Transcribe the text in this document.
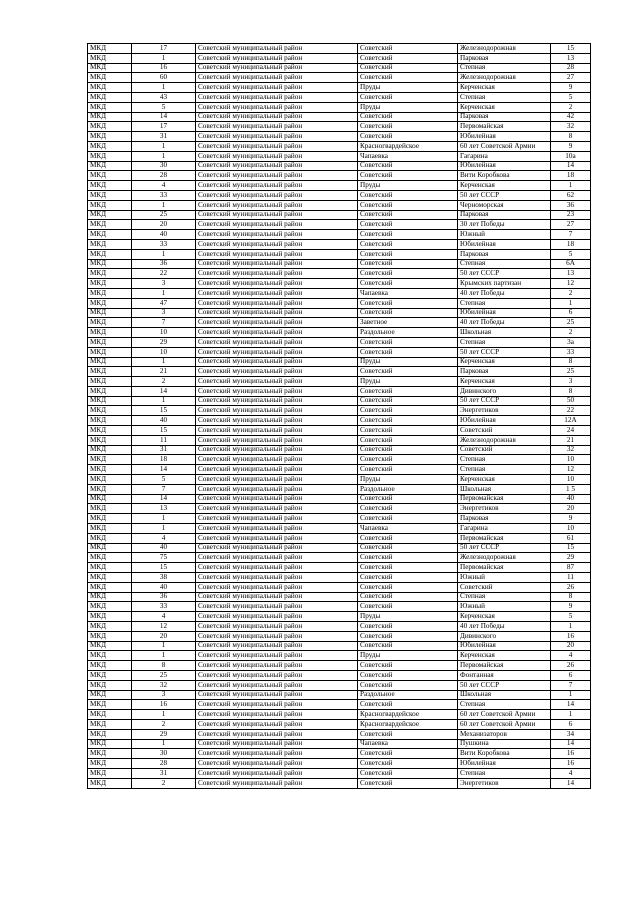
МКД	17	Советский муниципальный район	Советский	Железнодорожная	15
МКД	1	Советский муниципальный район	Советский	Парковая	13
МКД	16	Советский муниципальный район	Советский	Степная	28
МКД	60	Советский муниципальный район	Советский	Железнодорожная	27
МКД	1	Советский муниципальный район	Пруды	Керченская	9
МКД	43	Советский муниципальный район	Советский	Степная	5
МКД	5	Советский муниципальный район	Пруды	Керченская	2
МКД	14	Советский муниципальный район	Советский	Парковая	42
МКД	17	Советский муниципальный район	Советский	Первомайская	32
МКД	31	Советский муниципальный район	Советский	Юбилейная	8
МКД	1	Советский муниципальный район	Красногвардейское	60 лет Советской Армии	9
МКД	1	Советский муниципальный район	Чапаевка	Гагарина	10а
МКД	30	Советский муниципальный район	Советский	Юбилейная	14
МКД	28	Советский муниципальный район	Советский	Вити Коробкова	18
МКД	4	Советский муниципальный район	Пруды	Керченская	1
МКД	33	Советский муниципальный район	Советский	50 лет СССР	62
МКД	1	Советский муниципальный район	Советский	Черноморская	36
МКД	25	Советский муниципальный район	Советский	Парковая	23
МКД	20	Советский муниципальный район	Советский	30 лет Победы	27
МКД	40	Советский муниципальный район	Советский	Южный	7
МКД	33	Советский муниципальный район	Советский	Юбилейная	18
МКД	1	Советский муниципальный район	Советский	Парковая	5
МКД	36	Советский муниципальный район	Советский	Степная	6А
МКД	22	Советский муниципальный район	Советский	50 лет СССР	13
МКД	3	Советский муниципальный район	Советский	Крымских партизан	12
МКД	1	Советский муниципальный район	Чапаевка	40 лет Победы	2
МКД	47	Советский муниципальный район	Советский	Степная	1
МКД	3	Советский муниципальный район	Советский	Юбилейная	6
МКД	7	Советский муниципальный район	Заветное	40 лет Победы	25
МКД	10	Советский муниципальный район	Раздольное	Школьная	2
МКД	29	Советский муниципальный район	Советский	Степная	3а
МКД	10	Советский муниципальный район	Советский	50 лет СССР	33
МКД	1	Советский муниципальный район	Пруды	Керченская	8
МКД	21	Советский муниципальный район	Советский	Парковая	25
МКД	2	Советский муниципальный район	Пруды	Керченская	3
МКД	14	Советский муниципальный район	Советский	Дивинского	8
МКД	1	Советский муниципальный район	Советский	50 лет СССР	50
МКД	15	Советский муниципальный район	Советский	Энергетиков	22
МКД	40	Советский муниципальный район	Советский	Юбилейная	12А
МКД	15	Советский муниципальный район	Советский	Советский	24
МКД	11	Советский муниципальный район	Советский	Железнодорожная	21
МКД	31	Советский муниципальный район	Советский	Советский	32
МКД	18	Советский муниципальный район	Советский	Степная	10
МКД	14	Советский муниципальный район	Советский	Степная	12
МКД	5	Советский муниципальный район	Пруды	Керченская	10
МКД	7	Советский муниципальный район	Раздольное	Школьная	1 5
МКД	14	Советский муниципальный район	Советский	Первомайская	40
МКД	13	Советский муниципальный район	Советский	Энергетиков	20
МКД	1	Советский муниципальный район	Советский	Парковая	9
МКД	1	Советский муниципальный район	Чапаевка	Гагарина	10
МКД	4	Советский муниципальный район	Советский	Первомайская	61
МКД	40	Советский муниципальный район	Советский	50 лет СССР	15
МКД	75	Советский муниципальный район	Советский	Железнодорожная	29
МКД	15	Советский муниципальный район	Советский	Первомайская	87
МКД	38	Советский муниципальный район	Советский	Южный	11
МКД	40	Советский муниципальный район	Советский	Советский	26
МКД	36	Советский муниципальный район	Советский	Степная	8
МКД	33	Советский муниципальный район	Советский	Южный	9
МКД	4	Советский муниципальный район	Пруды	Керченская	5
МКД	12	Советский муниципальный район	Советский	40 лет Победы	1
МКД	20	Советский муниципальный район	Советский	Дивинского	16
МКД	1	Советский муниципальный район	Советский	Юбилейная	20
МКД	1	Советский муниципальный район	Пруды	Керченская	4
МКД	8	Советский муниципальный район	Советский	Первомайская	26
МКД	25	Советский муниципальный район	Советский	Фонтанная	6
МКД	32	Советский муниципальный район	Советский	50 лет СССР	7
МКД	3	Советский муниципальный район	Раздольное	Школьная	1
МКД	16	Советский муниципальный район	Советский	Степная	14
МКД	1	Советский муниципальный район	Красногвардейское	60 лет Советской Армии	1
МКД	2	Советский муниципальный район	Красногвардейское	60 лет Советской Армии	6
МКД	29	Советский муниципальный район	Советский	Механизаторов	34
МКД	1	Советский муниципальный район	Чапаевка	Пушкина	14
МКД	30	Советский муниципальный район	Советский	Вити Коробкова	16
МКД	28	Советский муниципальный район	Советский	Юбилейная	16
МКД	31	Советский муниципальный район	Советский	Степная	4
МКД	2	Советский муниципальный район	Советский	Энергетиков	14
